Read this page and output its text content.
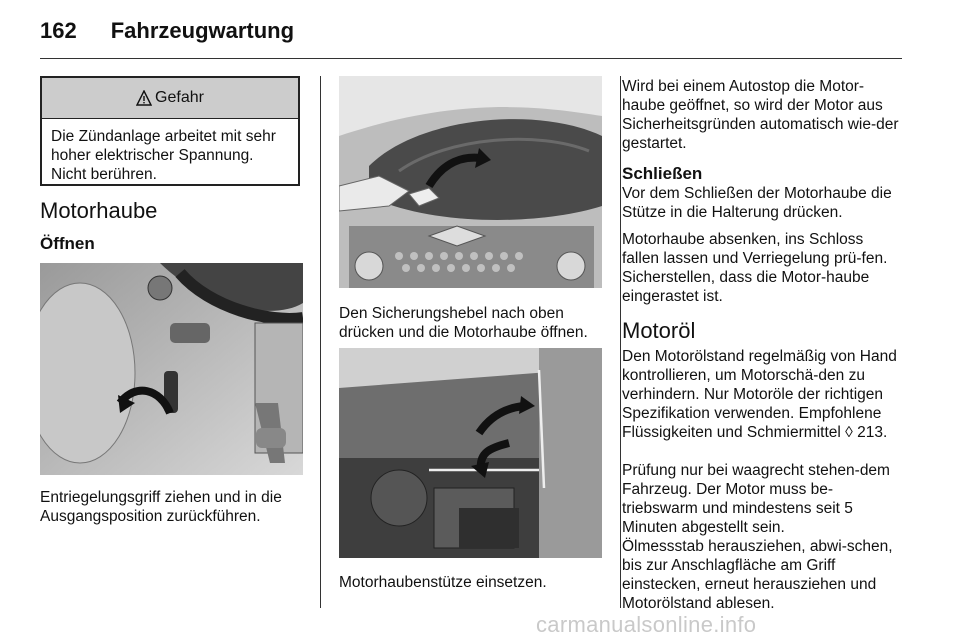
162 Fahrzeugwartung
Gefahr
Die Zündanlage arbeitet mit sehr hoher elektrischer Spannung. Nicht berühren.
Motorhaube
Öffnen
Entriegelungsgriff ziehen und in die Ausgangsposition zurückführen.
Den Sicherungshebel nach oben drücken und die Motorhaube öffnen.
Motorhaubenstütze einsetzen.
Wird bei einem Autostop die Motor-haube geöffnet, so wird der Motor aus Sicherheitsgründen automatisch wie-der gestartet.
Schließen
Vor dem Schließen der Motorhaube die Stütze in die Halterung drücken.
Motorhaube absenken, ins Schloss fallen lassen und Verriegelung prü-fen. Sicherstellen, dass die Motor-haube eingerastet ist.
Motoröl
Den Motorölstand regelmäßig von Hand kontrollieren, um Motorschä-den zu verhindern. Nur Motoröle der richtigen Spezifikation verwenden. Empfohlene Flüssigkeiten und Schmiermittel ◊ 213.
Prüfung nur bei waagrecht stehen-dem Fahrzeug. Der Motor muss be-triebswarm und mindestens seit 5 Minuten abgestellt sein.
Ölmessstab herausziehen, abwi-schen, bis zur Anschlagfläche am Griff einstecken, erneut herausziehen und Motorölstand ablesen.
carmanualsonline.info
